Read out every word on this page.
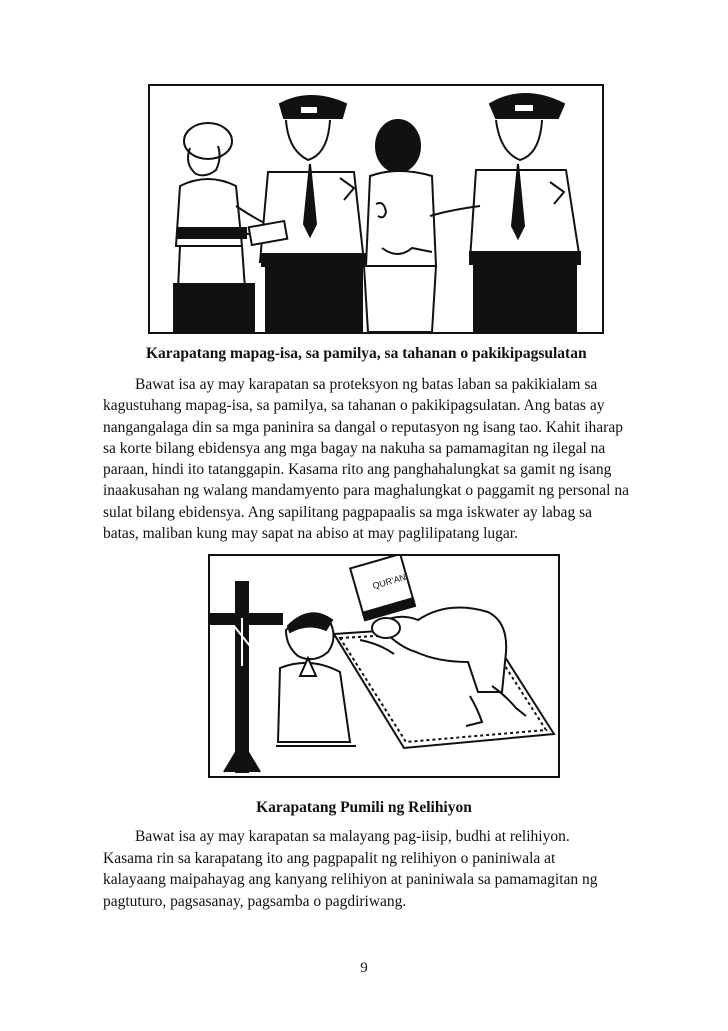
Karapatang mapag-isa, sa pamilya, sa tahanan o pakikipagsulatan
Bawat isa ay may karapatan sa proteksyon ng batas laban sa pakikialam sa
kagustuhang mapag-isa, sa pamilya, sa tahanan o pakikipagsulatan. Ang batas ay
nangangalaga din sa mga paninira sa dangal o reputasyon ng isang tao. Kahit iharap
sa korte bilang ebidensya ang mga bagay na nakuha sa pamamagitan ng ilegal na
paraan, hindi ito tatanggapin. Kasama rito ang panghahalungkat sa gamit ng isang
inaakusahan ng walang mandamyento para maghalungkat o paggamit ng personal na
sulat bilang ebidensya. Ang sapilitang pagpapaalis sa mga iskwater ay labag sa
batas, maliban kung may sapat na abiso at may paglilipatang lugar.
QUR'AN
Karapatang Pumili ng Relihiyon
Bawat isa ay may karapatan sa malayang pag-iisip, budhi at relihiyon.
Kasama rin sa karapatang ito ang pagpapalit ng relihiyon o paniniwala at
kalayaang maipahayag ang kanyang relihiyon at paniniwala sa pamamagitan ng
pagtuturo, pagsasanay, pagsamba o pagdiriwang.
9
